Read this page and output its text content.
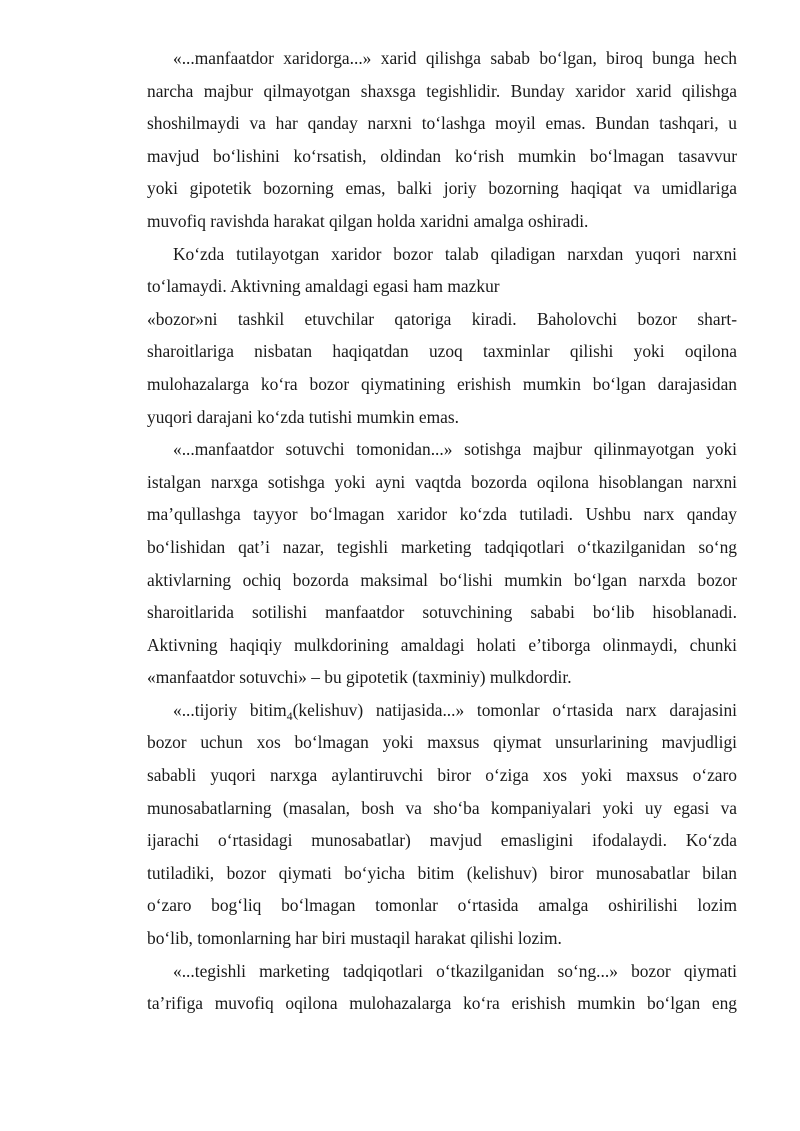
«...manfaatdor xaridorga...» xarid qilishga sabab bo‘lgan, biroq bunga hech
narcha majbur qilmayotgan shaxsga tegishlidir. Bunday xaridor xarid qilishga
shoshilmaydi va har qanday narxni to‘lashga moyil emas. Bundan tashqari, u
mavjud bo‘lishini ko‘rsatish, oldindan ko‘rish mumkin bo‘lmagan tasavvur
yoki gipotetik bozorning emas, balki joriy bozorning haqiqat va umidlariga
muvofiq ravishda harakat qilgan holda xaridni amalga oshiradi.
Ko‘zda tutilayotgan xaridor bozor talab qiladigan narxdan yuqori narxni
to‘lamaydi. Aktivning amaldagi egasi ham mazkur
«bozor»ni tashkil etuvchilar qatoriga kiradi. Baholovchi bozor shart-
sharoitlariga nisbatan haqiqatdan uzoq taxminlar qilishi yoki oqilona
mulohazalarga ko‘ra bozor qiymatining erishish mumkin bo‘lgan darajasidan
yuqori darajani ko‘zda tutishi mumkin emas.
«...manfaatdor sotuvchi tomonidan...» sotishga majbur qilinmayotgan yoki
istalgan narxga sotishga yoki ayni vaqtda bozorda oqilona hisoblangan narxni
ma’qullashga tayyor bo‘lmagan xaridor ko‘zda tutiladi. Ushbu narx qanday
bo‘lishidan qat’i nazar, tegishli marketing tadqiqotlari o‘tkazilganidan so‘ng
aktivlarning ochiq bozorda maksimal bo‘lishi mumkin bo‘lgan narxda bozor
sharoitlarida sotilishi manfaatdor sotuvchining sababi bo‘lib hisoblanadi.
Aktivning haqiqiy mulkdorining amaldagi holati e’tiborga olinmaydi, chunki
«manfaatdor sotuvchi» – bu gipotetik (taxminiy) mulkdordir.
«...tijoriy bitim$_4$(kelishuv) natijasida...» tomonlar o‘rtasida narx darajasini
bozor uchun xos bo‘lmagan yoki maxsus qiymat unsurlarining mavjudligi
sababli yuqori narxga aylantiruvchi biror o‘ziga xos yoki maxsus o‘zaro
munosabatlarning (masalan, bosh va sho‘ba kompaniyalari yoki uy egasi va
ijarachi o‘rtasidagi munosabatlar) mavjud emasligini ifodalaydi. Ko‘zda
tutiladiki, bozor qiymati bo‘yicha bitim (kelishuv) biror munosabatlar bilan
o‘zaro bog‘liq bo‘lmagan tomonlar o‘rtasida amalga oshirilishi lozim
bo‘lib, tomonlarning har biri mustaqil harakat qilishi lozim.
«...tegishli marketing tadqiqotlari o‘tkazilganidan so‘ng...» bozor qiymati
ta’rifiga muvofiq oqilona mulohazalarga ko‘ra erishish mumkin bo‘lgan eng
